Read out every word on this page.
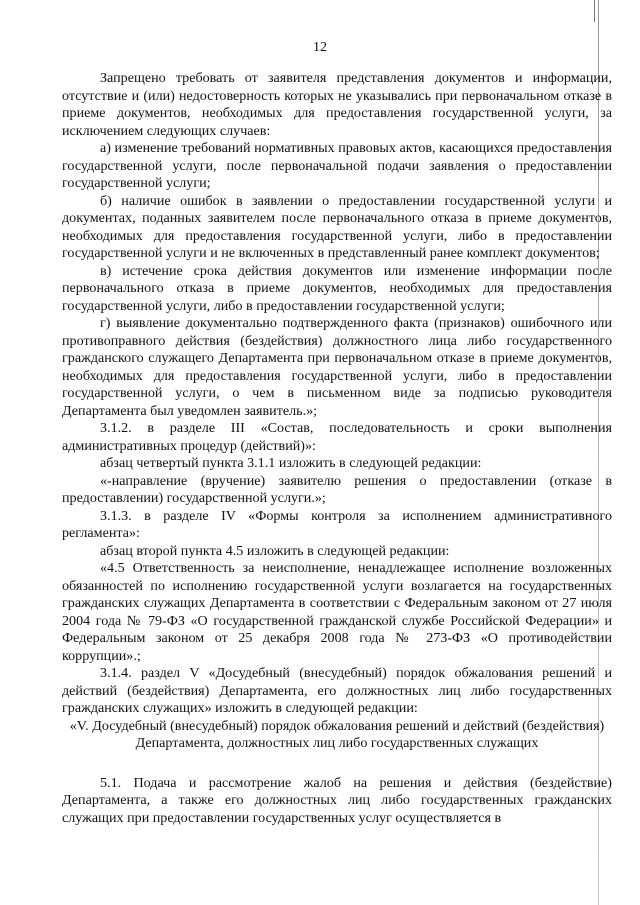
12

Запрещено требовать от заявителя представления документов и информации, отсутствие и (или) недостоверность которых не указывались при первоначальном отказе в приеме документов, необходимых для предоставления государственной услуги, за исключением следующих случаев:

а) изменение требований нормативных правовых актов, касающихся предоставления государственной услуги, после первоначальной подачи заявления о предоставлении государственной услуги;

б) наличие ошибок в заявлении о предоставлении государственной услуги и документах, поданных заявителем после первоначального отказа в приеме документов, необходимых для предоставления государственной услуги, либо в предоставлении государственной услуги и не включенных в представленный ранее комплект документов;

в) истечение срока действия документов или изменение информации после первоначального отказа в приеме документов, необходимых для предоставления государственной услуги, либо в предоставлении государственной услуги;

г) выявление документально подтвержденного факта (признаков) ошибочного или противоправного действия (бездействия) должностного лица либо государственного гражданского служащего Департамента при первоначальном отказе в приеме документов, необходимых для предоставления государственной услуги, либо в предоставлении государственной услуги, о чем в письменном виде за подписью руководителя Департамента был уведомлен заявитель.»;

3.1.2. в разделе III «Состав, последовательность и сроки выполнения административных процедур (действий)»:

абзац четвертый пункта 3.1.1 изложить в следующей редакции:

«-направление (вручение) заявителю решения о предоставлении (отказе в предоставлении) государственной услуги.»;

3.1.3. в разделе IV «Формы контроля за исполнением административного регламента»:

абзац второй пункта 4.5 изложить в следующей редакции:

«4.5 Ответственность за неисполнение, ненадлежащее исполнение возложенных обязанностей по исполнению государственной услуги возлагается на государственных гражданских служащих Департамента в соответствии с Федеральным законом от 27 июля 2004 года № 79-ФЗ «О государственной гражданской службе Российской Федерации» и Федеральным законом от 25 декабря 2008 года № 273-ФЗ «О противодействии коррупции».;

3.1.4. раздел V «Досудебный (внесудебный) порядок обжалования решений и действий (бездействия) Департамента, его должностных лиц либо государственных гражданских служащих» изложить в следующей редакции:

«V. Досудебный (внесудебный) порядок обжалования решений и действий (бездействия) Департамента, должностных лиц либо государственных служащих

5.1. Подача и рассмотрение жалоб на решения и действия (бездействие) Департамента, а также его должностных лиц либо государственных гражданских служащих при предоставлении государственных услуг осуществляется в
